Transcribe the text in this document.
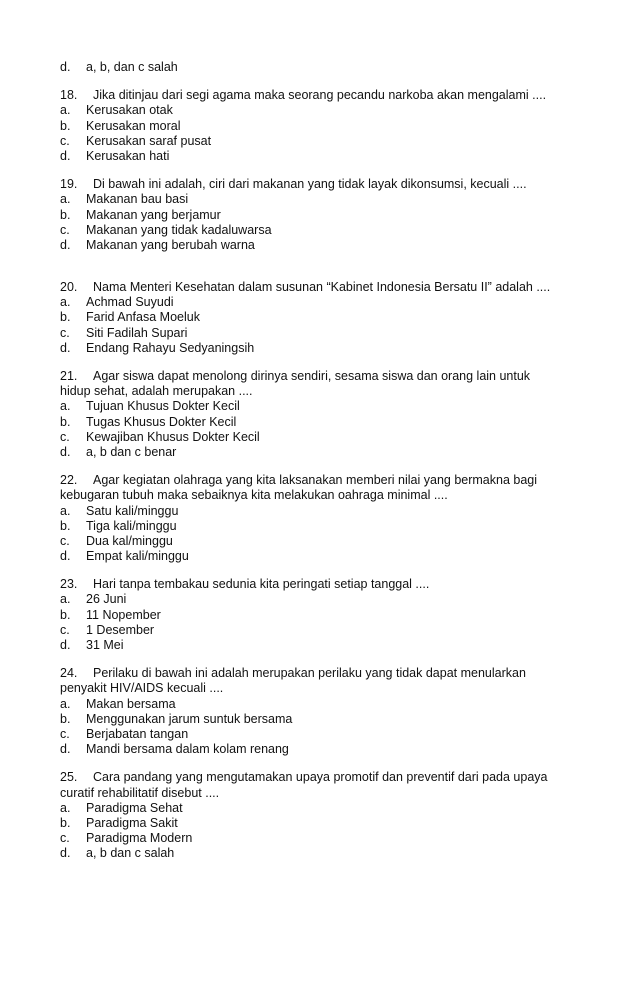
d. a, b, dan c salah
18. Jika ditinjau dari segi agama maka seorang pecandu narkoba akan mengalami ....
a. Kerusakan otak
b. Kerusakan moral
c. Kerusakan saraf pusat
d. Kerusakan hati
19. Di bawah ini adalah, ciri dari makanan yang tidak layak dikonsumsi, kecuali ....
a. Makanan bau basi
b. Makanan yang berjamur
c. Makanan yang tidak kadaluwarsa
d. Makanan yang berubah warna
20. Nama Menteri Kesehatan dalam susunan “Kabinet Indonesia Bersatu II” adalah ....
a. Achmad Suyudi
b. Farid Anfasa Moeluk
c. Siti Fadilah Supari
d. Endang Rahayu Sedyaningsih
21. Agar siswa dapat menolong dirinya sendiri, sesama siswa dan orang lain untuk
hidup sehat, adalah merupakan ....
a. Tujuan Khusus Dokter Kecil
b. Tugas Khusus Dokter Kecil
c. Kewajiban Khusus Dokter Kecil
d. a, b dan c benar
22. Agar kegiatan olahraga yang kita laksanakan memberi nilai yang bermakna bagi
kebugaran tubuh maka sebaiknya kita melakukan oahraga minimal ....
a. Satu kali/minggu
b. Tiga kali/minggu
c. Dua kal/minggu
d. Empat kali/minggu
23. Hari tanpa tembakau sedunia kita peringati setiap tanggal ....
a. 26 Juni
b. 11 Nopember
c. 1 Desember
d. 31 Mei
24. Perilaku di bawah ini adalah merupakan perilaku yang tidak dapat menularkan
penyakit HIV/AIDS kecuali ....
a. Makan bersama
b. Menggunakan jarum suntuk bersama
c. Berjabatan tangan
d. Mandi bersama dalam kolam renang
25. Cara pandang yang mengutamakan upaya promotif dan preventif dari pada upaya
curatif rehabilitatif disebut ....
a. Paradigma Sehat
b. Paradigma Sakit
c. Paradigma Modern
d. a, b dan c salah
